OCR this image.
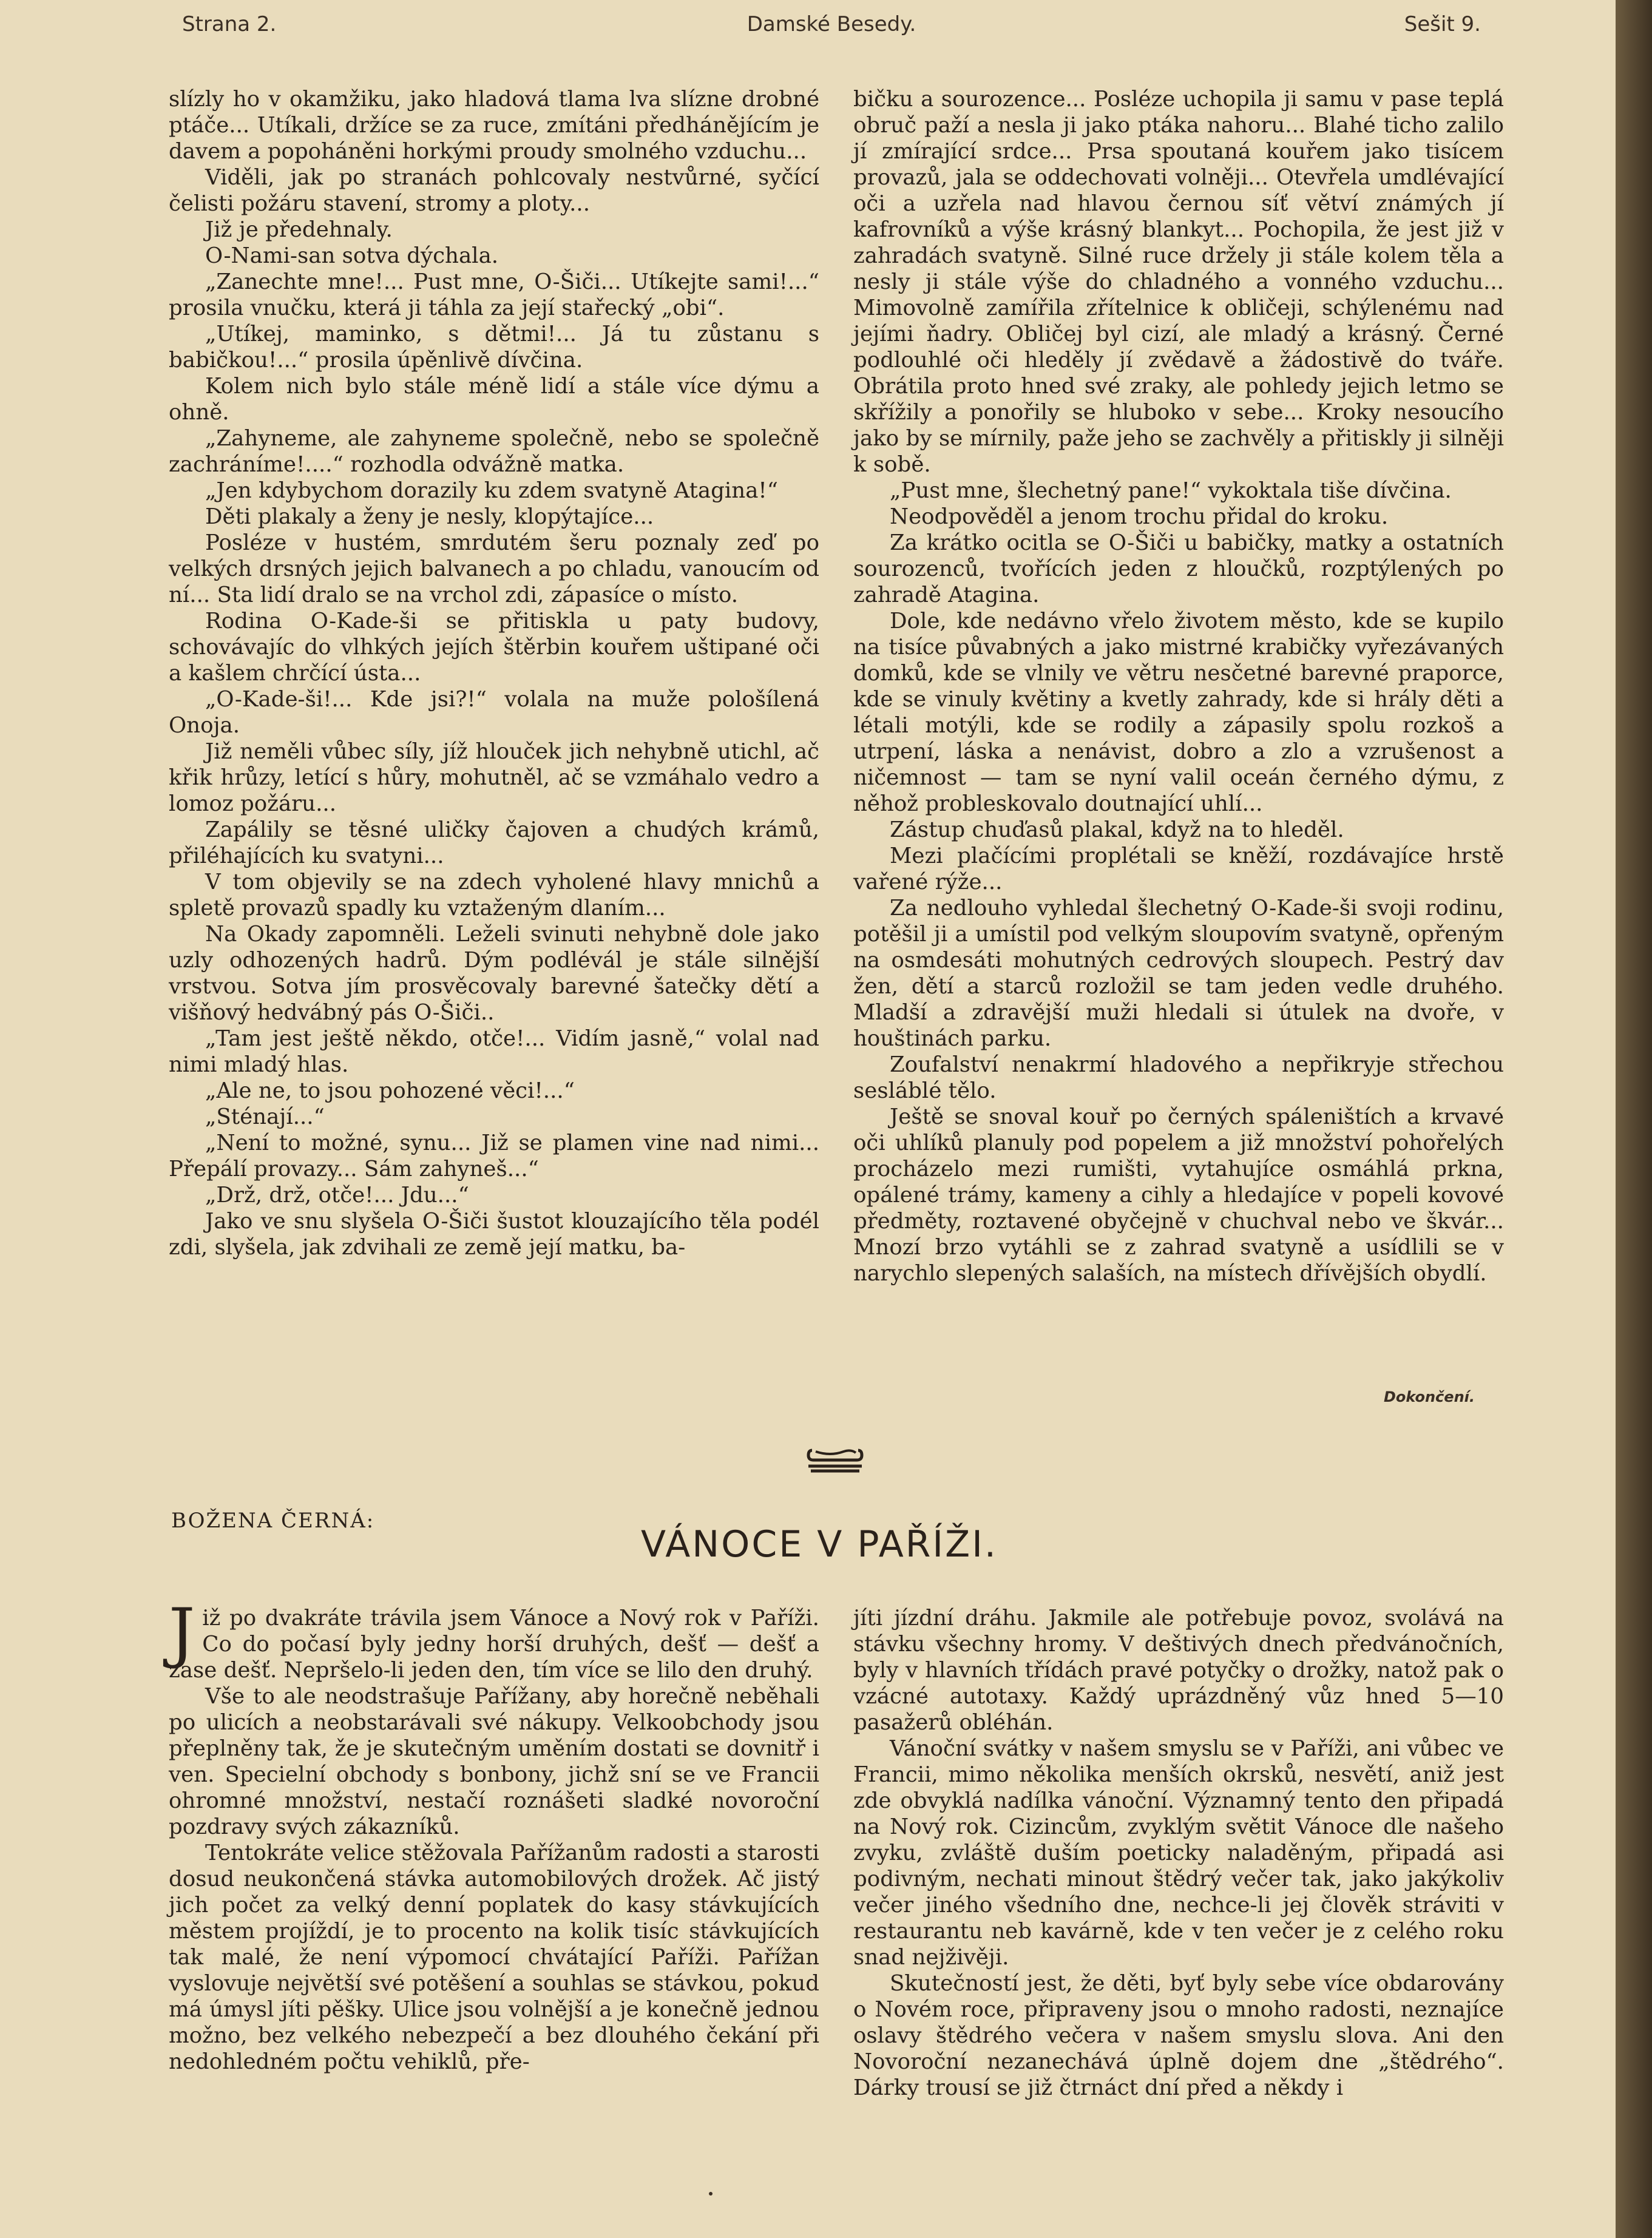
Strana 2.	Damské Besedy.	Sešit 9.

slízly ho v okamžiku, jako hladová tlama lva slízne drobné ptáče... Utíkali, držíce se za ruce, zmítáni předhánějícím je davem a popoháněni horkými proudy smolného vzduchu...

Viděli, jak po stranách pohlcovaly nestvůrné, syčící čelisti požáru stavení, stromy a ploty...

Již je předehnaly.

O-Nami-san sotva dýchala.

„Zanechte mne!... Pust mne, O-Šiči... Utíkejte sami!...“ prosila vnučku, která ji táhla za její stařecký „obi“.

„Utíkej, maminko, s dětmi!... Já tu zůstanu s babičkou!...“ prosila úpěnlivě dívčina.

Kolem nich bylo stále méně lidí a stále více dýmu a ohně.

„Zahyneme, ale zahyneme společně, nebo se společně zachráníme!....“ rozhodla odvážně matka.

„Jen kdybychom dorazily ku zdem svatyně Atagina!“

Děti plakaly a ženy je nesly, klopýtajíce...

Posléze v hustém, smrdutém šeru poznaly zeď po velkých drsných jejich balvanech a po chladu, vanoucím od ní... Sta lidí dralo se na vrchol zdi, zápasíce o místo.

Rodina O-Kade-ši se přitiskla u paty budovy, schovávajíc do vlhkých jejích štěrbin kouřem uštipané oči a kašlem chrčící ústa...

„O-Kade-ši!... Kde jsi?!“ volala na muže pološílená Onoja.

Již neměli vůbec síly, jíž hlouček jich nehybně utichl, ač křik hrůzy, letící s hůry, mohutněl, ač se vzmáhalo vedro a lomoz požáru...

Zapálily se těsné uličky čajoven a chudých krámů, přiléhajících ku svatyni...

V tom objevily se na zdech vyholené hlavy mnichů a spletě provazů spadly ku vztaženým dlaním...

Na Okady zapomněli. Leželi svinuti nehybně dole jako uzly odhozených hadrů. Dým podlévál je stále silnější vrstvou. Sotva jím prosvěcovaly barevné šatečky dětí a višňový hedvábný pás O-Šiči..

„Tam jest ještě někdo, otče!... Vidím jasně,“ volal nad nimi mladý hlas.

„Ale ne, to jsou pohozené věci!...“

„Sténají...“

„Není to možné, synu... Již se plamen vine nad nimi... Přepálí provazy... Sám zahyneš...“

„Drž, drž, otče!... Jdu...“

Jako ve snu slyšela O-Šiči šustot klouzajícího těla podél zdi, slyšela, jak zdvihali ze země její matku, ba-

bičku a sourozence... Posléze uchopila ji samu v pase teplá obruč paží a nesla ji jako ptáka nahoru... Blahé ticho zalilo jí zmírající srdce... Prsa spoutaná kouřem jako tisícem provazů, jala se oddechovati volněji... Otevřela umdlévající oči a uzřela nad hlavou černou síť větví známých jí kafrovníků a výše krásný blankyt... Pochopila, že jest již v zahradách svatyně. Silné ruce držely ji stále kolem těla a nesly ji stále výše do chladného a vonného vzduchu... Mimovolně zamířila zřítelnice k obličeji, schýlenému nad jejími ňadry. Obličej byl cizí, ale mladý a krásný. Černé podlouhlé oči hleděly jí zvědavě a žádostivě do tváře. Obrátila proto hned své zraky, ale pohledy jejich letmo se skřížily a ponořily se hluboko v sebe... Kroky nesoucího jako by se mírnily, paže jeho se zachvěly a přitiskly ji silněji k sobě.

„Pust mne, šlechetný pane!“ vykoktala tiše dívčina.

Neodpověděl a jenom trochu přidal do kroku.

Za krátko ocitla se O-Šiči u babičky, matky a ostatních sourozenců, tvořících jeden z hloučků, rozptýlených po zahradě Atagina.

Dole, kde nedávno vřelo životem město, kde se kupilo na tisíce půvabných a jako mistrné krabičky vyřezávaných domků, kde se vlnily ve větru nesčetné barevné praporce, kde se vinuly květiny a kvetly zahrady, kde si hrály děti a létali motýli, kde se rodily a zápasily spolu rozkoš a utrpení, láska a nenávist, dobro a zlo a vzrušenost a ničemnost — tam se nyní valil oceán černého dýmu, z něhož probleskovalo doutnající uhlí...

Zástup chuďasů plakal, když na to hleděl.

Mezi plačícími proplétali se kněží, rozdávajíce hrstě vařené rýže...

Za nedlouho vyhledal šlechetný O-Kade-ši svoji rodinu, potěšil ji a umístil pod velkým sloupovím svatyně, opřeným na osmdesáti mohutných cedrových sloupech. Pestrý dav žen, dětí a starců rozložil se tam jeden vedle druhého. Mladší a zdravější muži hledali si útulek na dvoře, v houštinách parku.

Zoufalství nenakrmí hladového a nepřikryje střechou sesláblé tělo.

Ještě se snoval kouř po černých spáleništích a krvavé oči uhlíků planuly pod popelem a již množství pohořelých procházelo mezi rumišti, vytahujíce osmáhlá prkna, opálené trámy, kameny a cihly a hledajíce v popeli kovové předměty, roztavené obyčejně v chuchval nebo ve škvár... Mnozí brzo vytáhli se z zahrad svatyně a usídlili se v narychlo slepených salaších, na místech dřívějších obydlí.

Dokončení.
BOŽENA ČERNÁ:
VÁNOCE V PAŘÍŽI.

Již po dvakráte trávila jsem Vánoce a Nový rok v Paříži. Co do počasí byly jedny horší druhých, dešť — dešť a zase dešť. Nepršelo-li jeden den, tím více se lilo den druhý.

Vše to ale neodstrašuje Pařížany, aby horečně neběhali po ulicích a neobstarávali své nákupy. Velkoobchody jsou přeplněny tak, že je skutečným uměním dostati se dovnitř i ven. Specielní obchody s bonbony, jichž sní se ve Francii ohromné množství, nestačí roznášeti sladké novoroční pozdravy svých zákazníků.

Tentokráte velice stěžovala Pařížanům radosti a starosti dosud neukončená stávka automobilových drožek. Ač jistý jich počet za velký denní poplatek do kasy stávkujících městem projíždí, je to procento na kolik tisíc stávkujících tak malé, že není výpomocí chvátající Paříži. Pařížan vyslovuje největší své potěšení a souhlas se stávkou, pokud má úmysl jíti pěšky. Ulice jsou volnější a je konečně jednou možno, bez velkého nebezpečí a bez dlouhého čekání při nedohledném počtu vehiklů, pře-

jíti jízdní dráhu. Jakmile ale potřebuje povoz, svolává na stávku všechny hromy. V deštivých dnech předvánočních, byly v hlavních třídách pravé potyčky o drožky, natož pak o vzácné autotaxy. Každý uprázdněný vůz hned 5—10 pasažerů obléhán.

Vánoční svátky v našem smyslu se v Paříži, ani vůbec ve Francii, mimo několika menších okrsků, nesvětí, aniž jest zde obvyklá nadílka vánoční. Významný tento den připadá na Nový rok. Cizincům, zvyklým světit Vánoce dle našeho zvyku, zvláště duším poeticky naladěným, připadá asi podivným, nechati minout štědrý večer tak, jako jakýkoliv večer jiného všedního dne, nechce-li jej člověk stráviti v restaurantu neb kavárně, kde v ten večer je z celého roku snad nejživěji.

Skutečností jest, že děti, byť byly sebe více obdarovány o Novém roce, připraveny jsou o mnoho radosti, neznajíce oslavy štědrého večera v našem smyslu slova. Ani den Novoroční nezanechává úplně dojem dne „štědrého“. Dárky trousí se již čtrnáct dní před a někdy i
